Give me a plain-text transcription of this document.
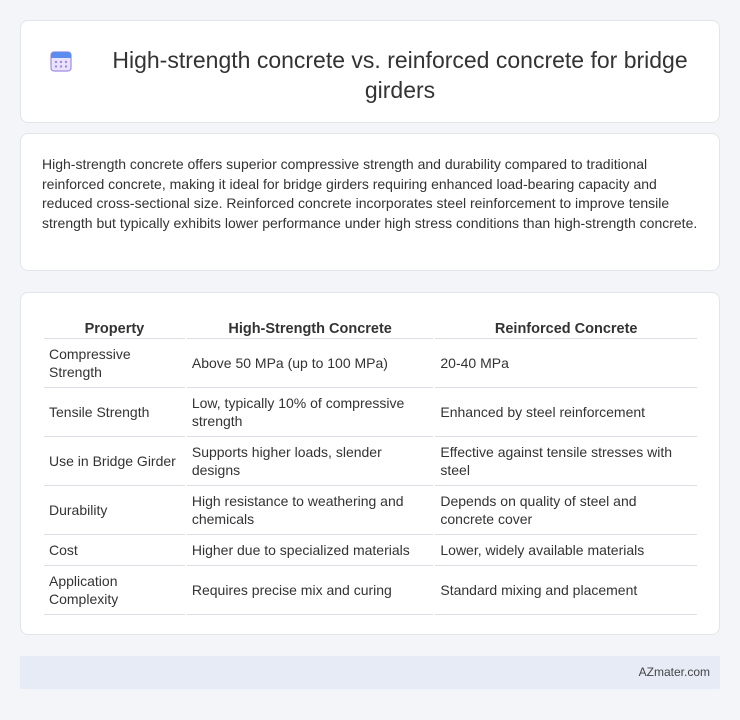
High-strength concrete vs. reinforced concrete for bridge girders

High-strength concrete offers superior compressive strength and durability compared to traditional reinforced concrete, making it ideal for bridge girders requiring enhanced load-bearing capacity and reduced cross-sectional size. Reinforced concrete incorporates steel reinforcement to improve tensile strength but typically exhibits lower performance under high stress conditions than high-strength concrete.

Property	High-Strength Concrete	Reinforced Concrete
Compressive Strength	Above 50 MPa (up to 100 MPa)	20-40 MPa
Tensile Strength	Low, typically 10% of compressive strength	Enhanced by steel reinforcement
Use in Bridge Girder	Supports higher loads, slender designs	Effective against tensile stresses with steel
Durability	High resistance to weathering and chemicals	Depends on quality of steel and concrete cover
Cost	Higher due to specialized materials	Lower, widely available materials
Application Complexity	Requires precise mix and curing	Standard mixing and placement
AZmater.com
